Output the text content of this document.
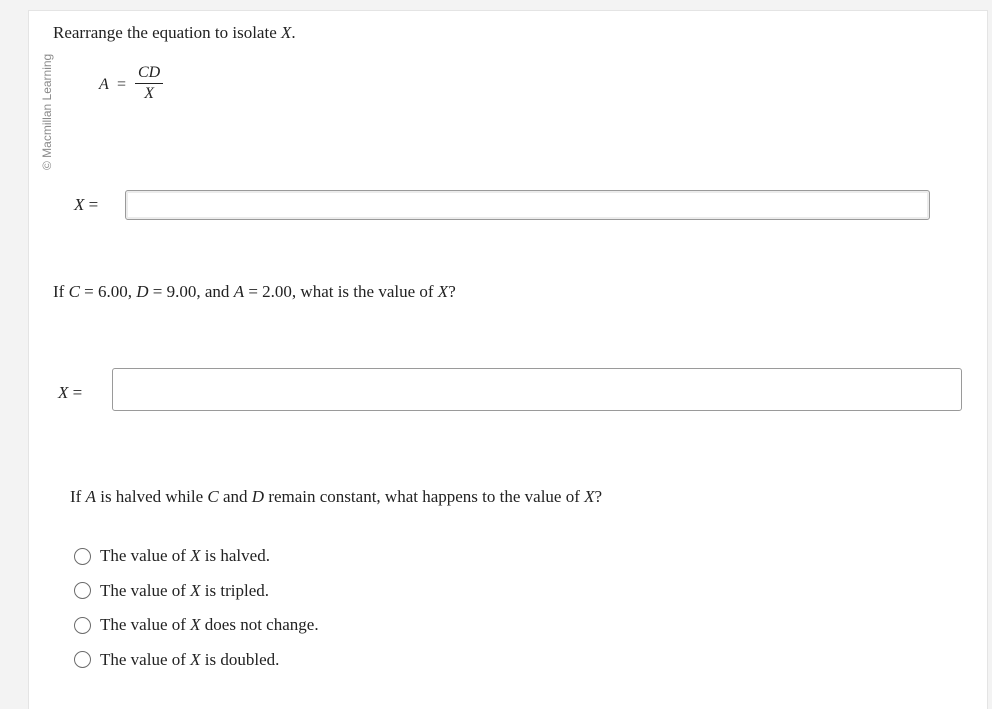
© Macmillan Learning
Rearrange the equation to isolate X.
$A = \frac{CD}{X}$
X =
If C = 6.00, D = 9.00, and A = 2.00, what is the value of X?
X =
If A is halved while C and D remain constant, what happens to the value of X?
The value of X is halved.
The value of X is tripled.
The value of X does not change.
The value of X is doubled.
